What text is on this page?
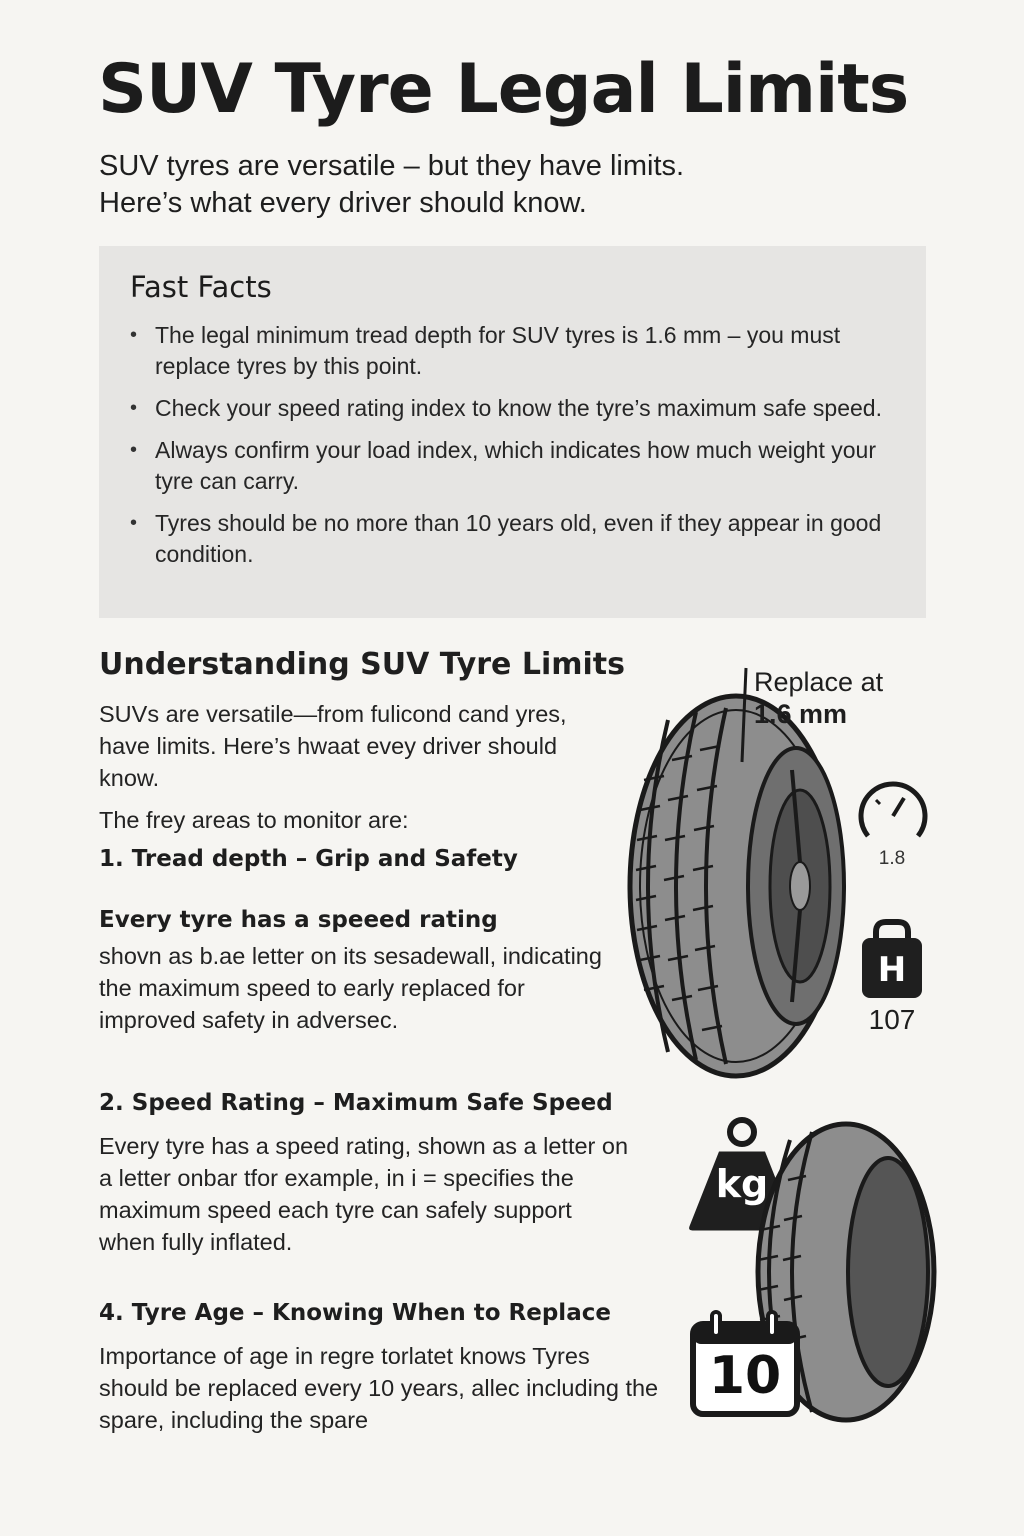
SUV Tyre Legal Limits
SUV tyres are versatile – but they have limits.
Here’s what every driver should know.
Fast Facts
• The legal minimum tread depth for SUV tyres is 1.6 mm – you must replace tyres by this point.
• Check your speed rating index to know the tyre’s maximum safe speed.
• Always confirm your load index, which indicates how much weight your tyre can carry.
• Tyres should be no more than 10 years old, even if they appear in good condition.
Understanding SUV Tyre Limits

SUVs are versatile—from fulicond cand yres, have limits. Here’s hwaat evey driver should know.

The frey areas to monitor are:

1. Tread depth – Grip and Safety
Every tyre has a speeed rating

shovn as b.ae letter on its sesadewall, indicating the maximum speed to early replaced for improved safety in adversec.

2. Speed Rating – Maximum Safe Speed

Every tyre has a speed rating, shown as a letter on a letter onbar tfor example, in i = specifies the maximum speed each tyre can safely support when fully inflated.

4. Tyre Age – Knowing When to Replace

Importance of age in regre torlatet knows Tyres should be replaced every 10 years, allec including the spare, including the spare

Replace at
1.6 mm
1.8
H
107
kg
10
